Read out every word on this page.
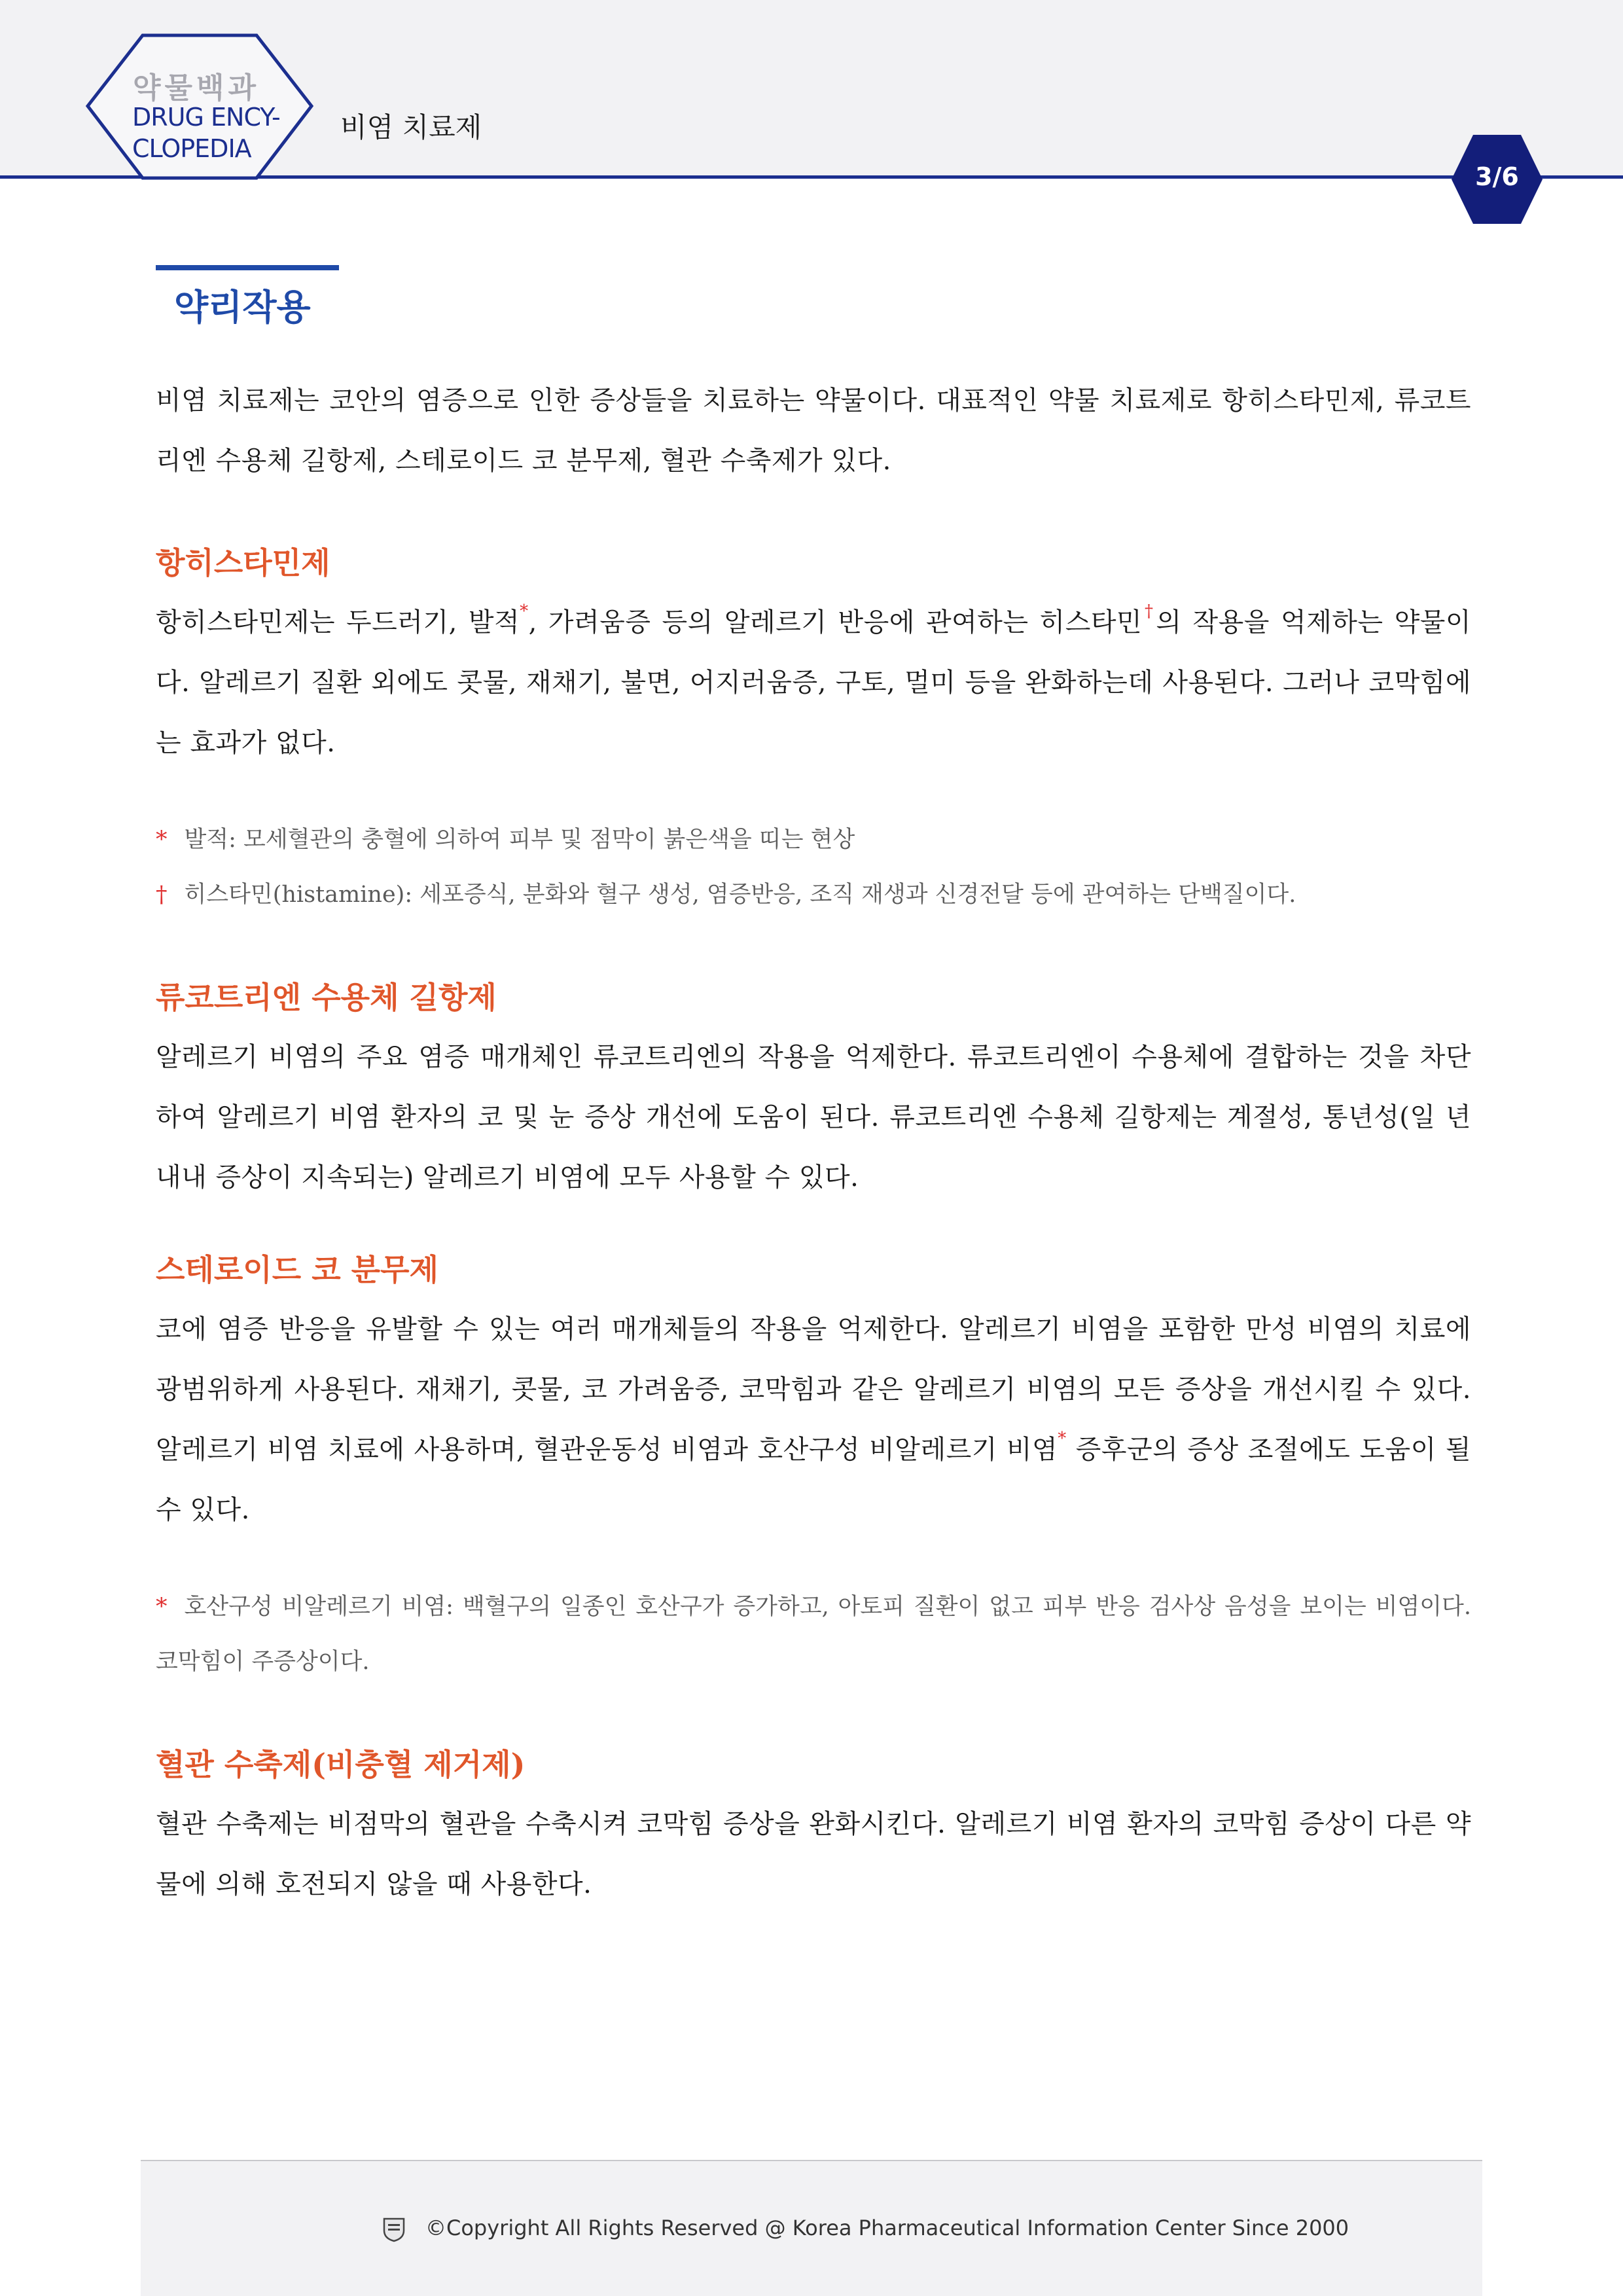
약물백과
DRUG ENCY-
CLOPEDIA
비염 치료제
3/6
약리작용

비염 치료제는 코안의 염증으로 인한 증상들을 치료하는 약물이다. 대표적인 약물 치료제로 항히스타민제, 류코트리엔 수용체 길항제, 스테로이드 코 분무제, 혈관 수축제가 있다.

항히스타민제

항히스타민제는 두드러기, 발적*, 가려움증 등의 알레르기 반응에 관여하는 히스타민†의 작용을 억제하는 약물이다. 알레르기 질환 외에도 콧물, 재채기, 불면, 어지러움증, 구토, 멀미 등을 완화하는데 사용된다. 그러나 코막힘에는 효과가 없다.

* 발적: 모세혈관의 충혈에 의하여 피부 및 점막이 붉은색을 띠는 현상

† 히스타민(histamine): 세포증식, 분화와 혈구 생성, 염증반응, 조직 재생과 신경전달 등에 관여하는 단백질이다.

류코트리엔 수용체 길항제

알레르기 비염의 주요 염증 매개체인 류코트리엔의 작용을 억제한다. 류코트리엔이 수용체에 결합하는 것을 차단하여 알레르기 비염 환자의 코 및 눈 증상 개선에 도움이 된다. 류코트리엔 수용체 길항제는 계절성, 통년성(일 년 내내 증상이 지속되는) 알레르기 비염에 모두 사용할 수 있다.

스테로이드 코 분무제

코에 염증 반응을 유발할 수 있는 여러 매개체들의 작용을 억제한다. 알레르기 비염을 포함한 만성 비염의 치료에 광범위하게 사용된다. 재채기, 콧물, 코 가려움증, 코막힘과 같은 알레르기 비염의 모든 증상을 개선시킬 수 있다. 알레르기 비염 치료에 사용하며, 혈관운동성 비염과 호산구성 비알레르기 비염* 증후군의 증상 조절에도 도움이 될 수 있다.

* 호산구성 비알레르기 비염: 백혈구의 일종인 호산구가 증가하고, 아토피 질환이 없고 피부 반응 검사상 음성을 보이는 비염이다. 코막힘이 주증상이다.

혈관 수축제(비충혈 제거제)

혈관 수축제는 비점막의 혈관을 수축시켜 코막힘 증상을 완화시킨다. 알레르기 비염 환자의 코막힘 증상이 다른 약물에 의해 호전되지 않을 때 사용한다.

©Copyright All Rights Reserved @ Korea Pharmaceutical Information Center Since 2000
